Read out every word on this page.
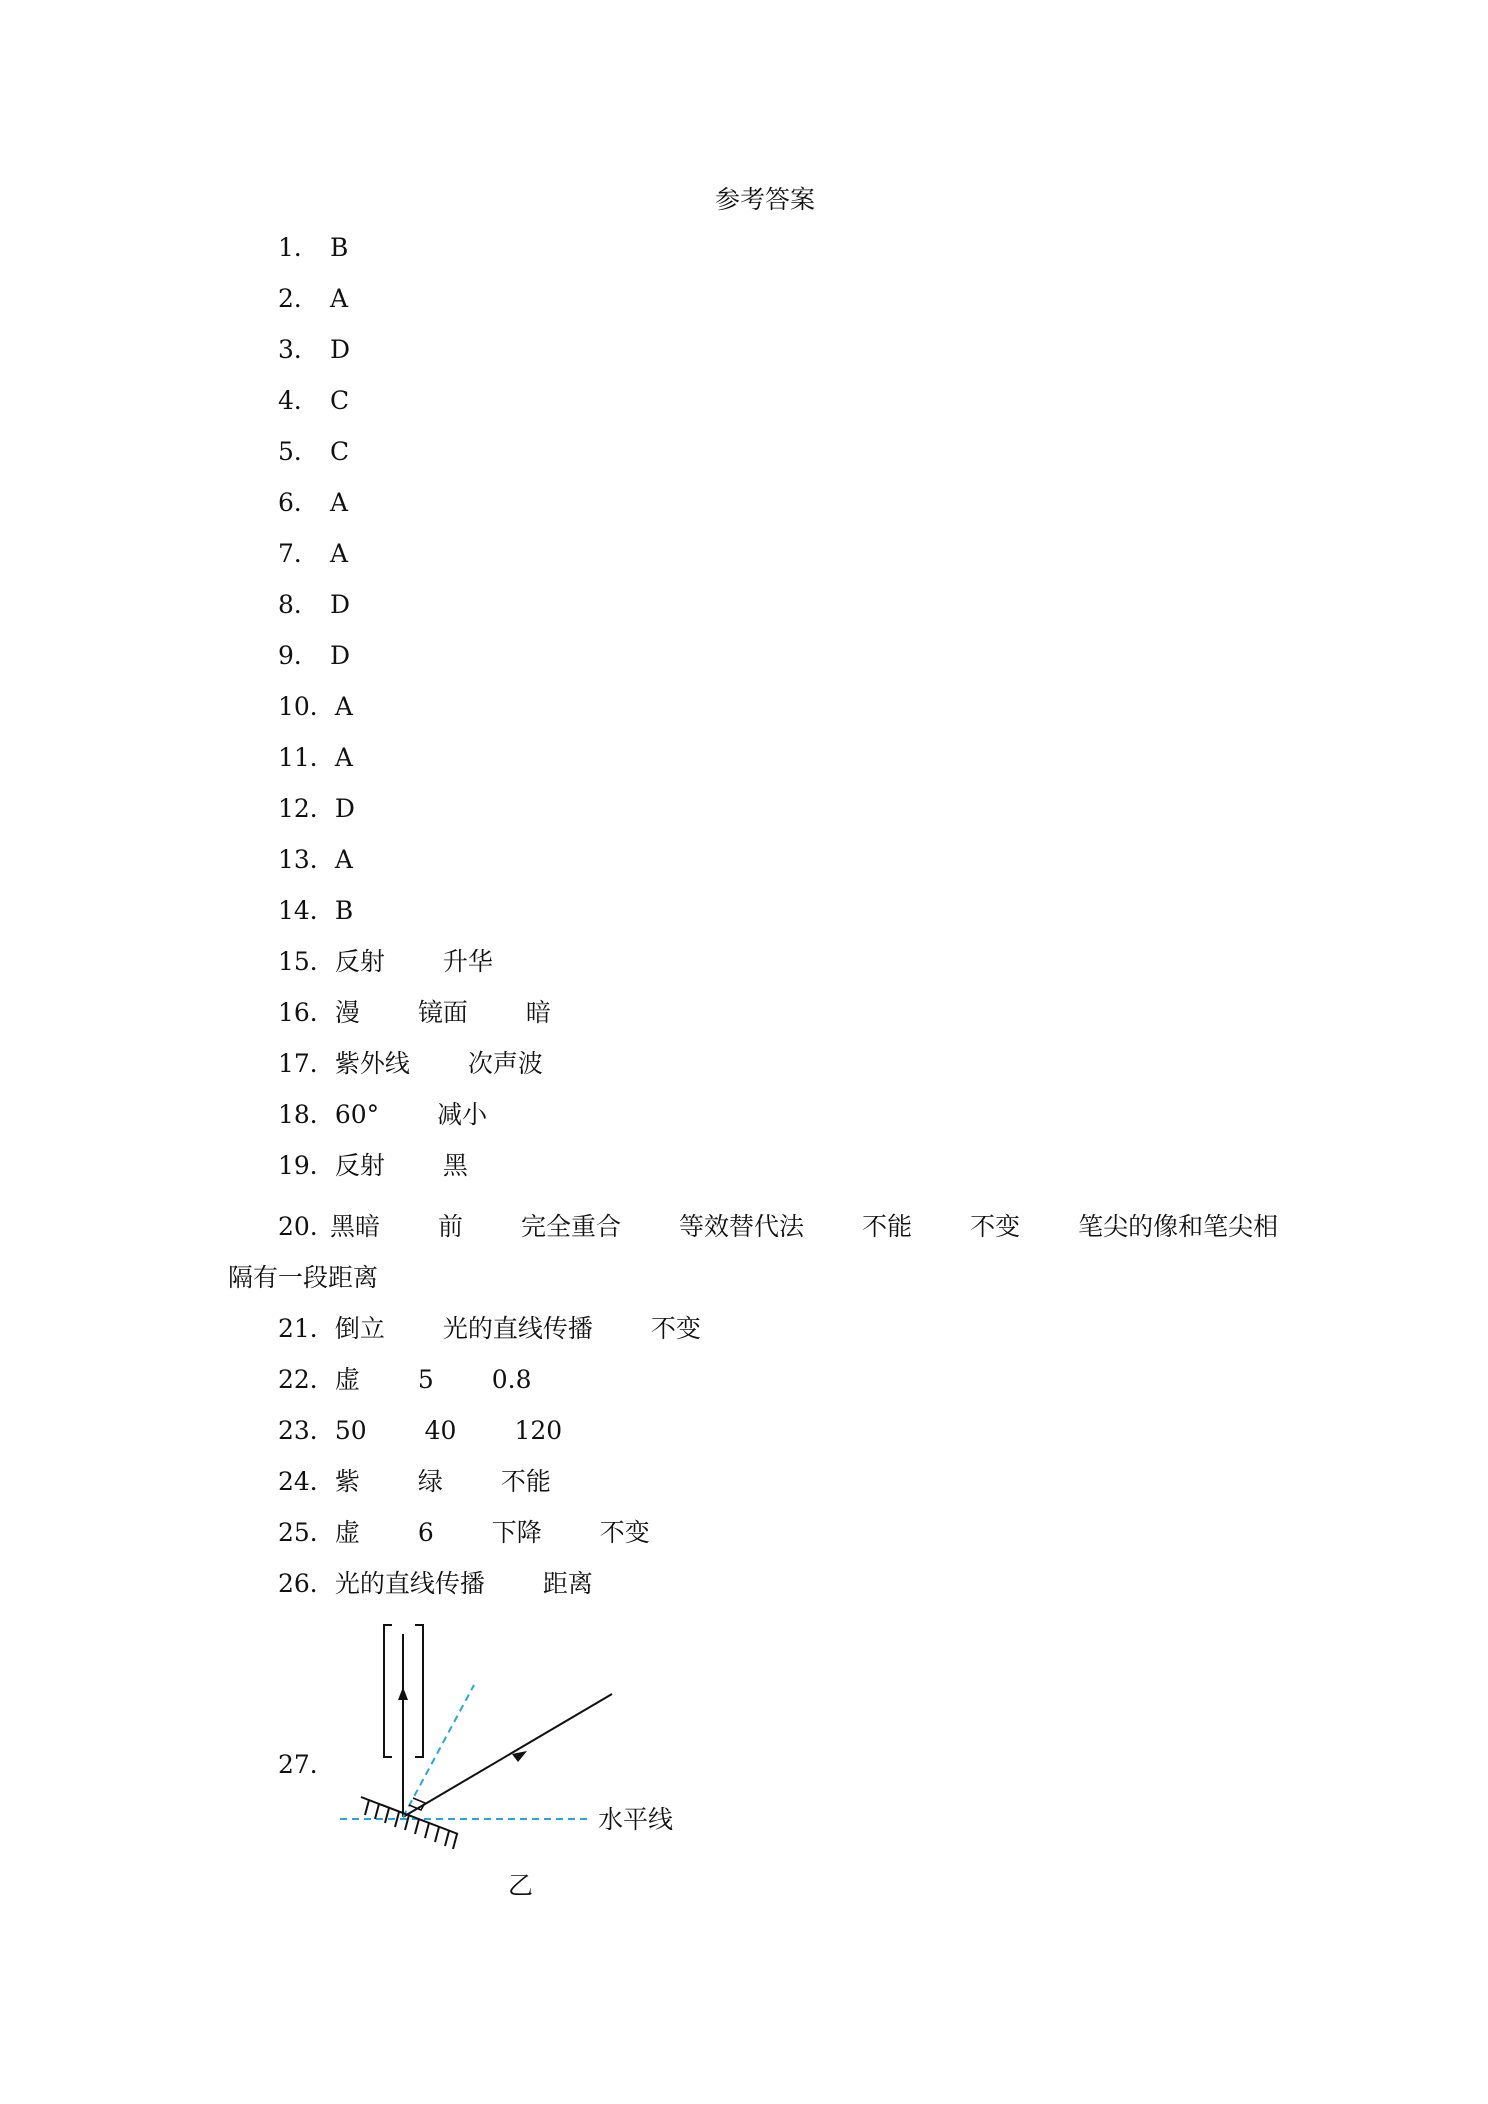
参考答案
1． B
2． A
3． D
4． C
5． C
6． A
7． A
8． D
9． D
10．A
11．A
12．D
13．A
14．B
15．反射 升华
16．漫 镜面 暗
17．紫外线 次声波
18．60° 减小
19．反射 黑
20. 黑暗 前 完全重合 等效替代法 不能 不变 笔尖的像和笔尖相
21．倒立 光的直线传播 不变
22．虚 5 0.8
23．50 40 120
24．紫 绿 不能
25．虚 6 下降 不变
26．光的直线传播 距离
隔有一段距离
27．
水平线
乙
